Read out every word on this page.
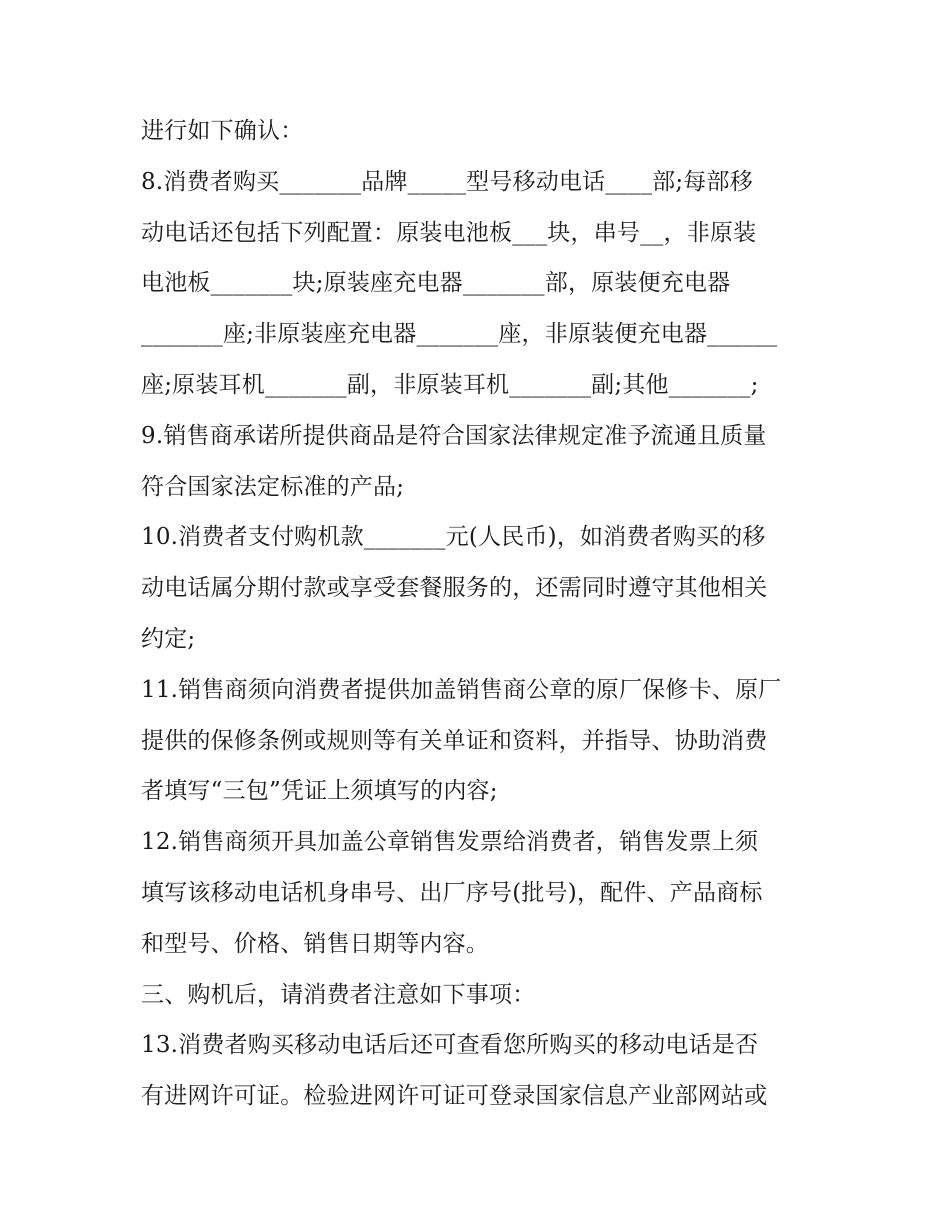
进行如下确认：
8.消费者购买_______品牌_____型号移动电话____部;每部移
动电话还包括下列配置：原装电池板___块，串号__，非原装
电池板_______块;原装座充电器_______部，原装便充电器
_______座;非原装座充电器_______座，非原装便充电器______
座;原装耳机_______副，非原装耳机_______副;其他_______;
9.销售商承诺所提供商品是符合国家法律规定准予流通且质量
符合国家法定标准的产品;
10.消费者支付购机款_______元(人民币)，如消费者购买的移
动电话属分期付款或享受套餐服务的，还需同时遵守其他相关
约定;
11.销售商须向消费者提供加盖销售商公章的原厂保修卡、原厂
提供的保修条例或规则等有关单证和资料，并指导、协助消费
者填写“三包”凭证上须填写的内容;
12.销售商须开具加盖公章销售发票给消费者，销售发票上须
填写该移动电话机身串号、出厂序号(批号)，配件、产品商标
和型号、价格、销售日期等内容。
三、购机后，请消费者注意如下事项：
13.消费者购买移动电话后还可查看您所购买的移动电话是否
有进网许可证。检验进网许可证可登录国家信息产业部网站或
